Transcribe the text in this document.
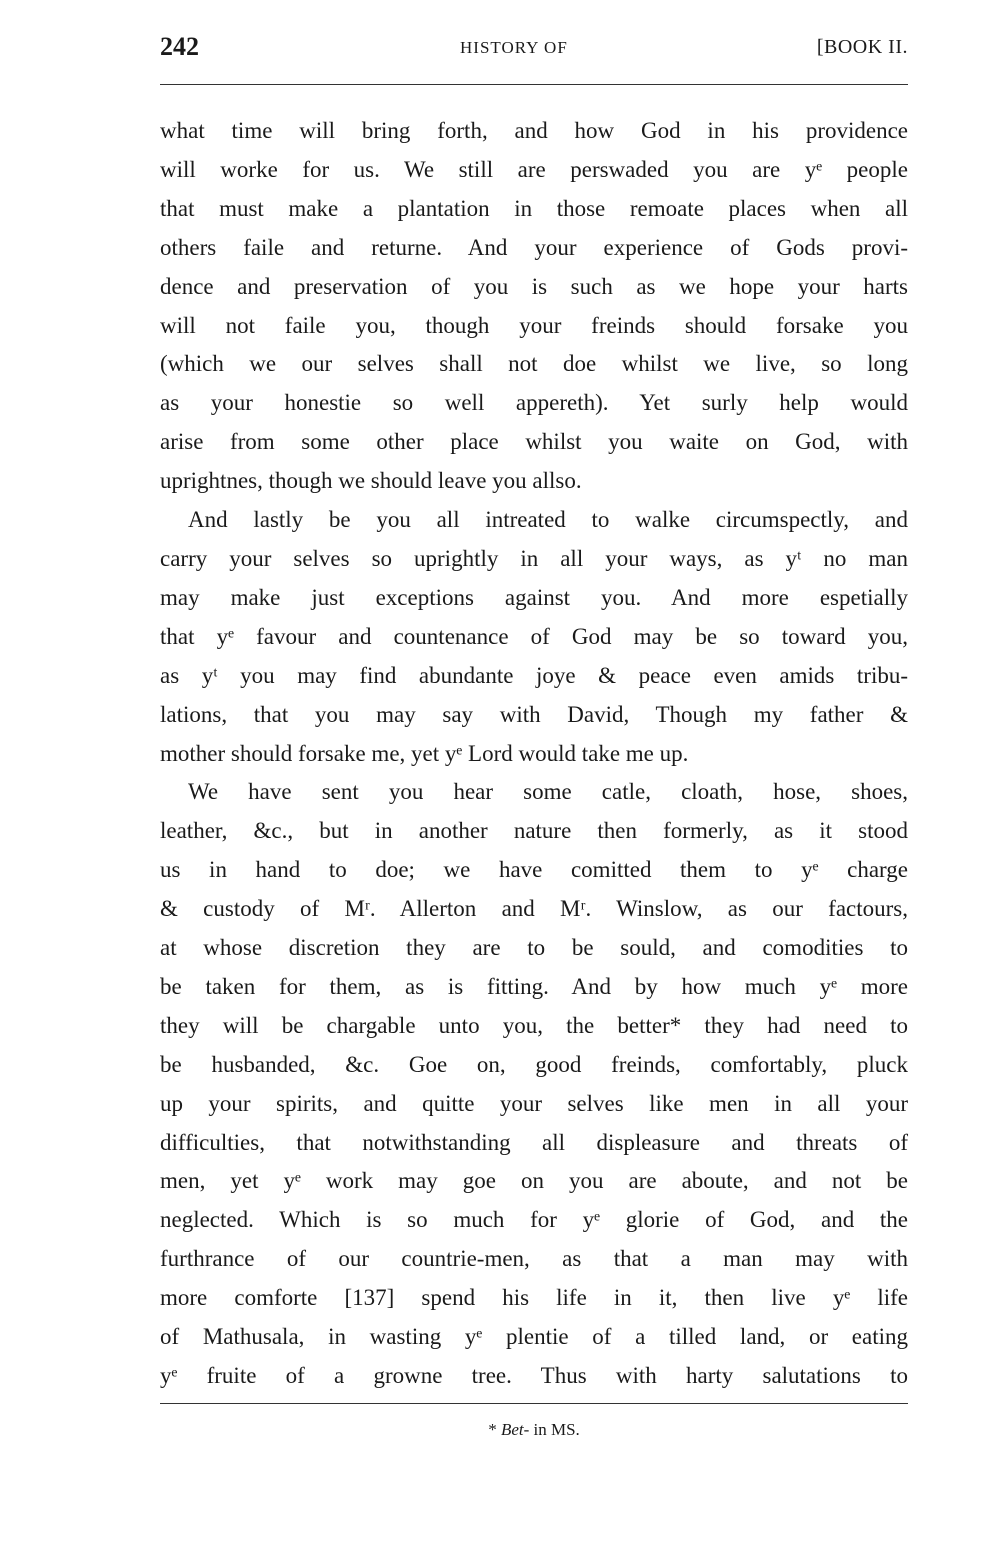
242	HISTORY OF	[BOOK II.

what time will bring forth, and how God in his providence
will worke for us. We still are perswaded you are yᵉ people
that must make a plantation in those remoate places when all
others faile and returne. And your experience of Gods provi-
dence and preservation of you is such as we hope your harts
will not faile you, though your freinds should forsake you
(which we our selves shall not doe whilst we live, so long
as your honestie so well appereth). Yet surly help would
arise from some other place whilst you waite on God, with
uprightnes, though we should leave you allso.

And lastly be you all intreated to walke circumspectly, and
carry your selves so uprightly in all your ways, as yᵗ no man
may make just exceptions against you. And more espetially
that yᵉ favour and countenance of God may be so toward you,
as yᵗ you may find abundante joye & peace even amids tribu-
lations, that you may say with David, Though my father &
mother should forsake me, yet yᵉ Lord would take me up.

We have sent you hear some catle, cloath, hose, shoes,
leather, &c., but in another nature then formerly, as it stood
us in hand to doe; we have comitted them to yᵉ charge
& custody of Mʳ. Allerton and Mʳ. Winslow, as our factours,
at whose discretion they are to be sould, and comodities to
be taken for them, as is fitting. And by how much yᵉ more
they will be chargable unto you, the better* they had need to
be husbanded, &c. Goe on, good freinds, comfortably, pluck
up your spirits, and quitte your selves like men in all your
difficulties, that notwithstanding all displeasure and threats of
men, yet yᵉ work may goe on you are aboute, and not be
neglected. Which is so much for yᵉ glorie of God, and the
furthrance of our countrie-men, as that a man may with
more comforte [137] spend his life in it, then live yᵉ life
of Mathusala, in wasting yᵉ plentie of a tilled land, or eating
yᵉ fruite of a growne tree. Thus with harty salutations to

* Bet- in MS.
